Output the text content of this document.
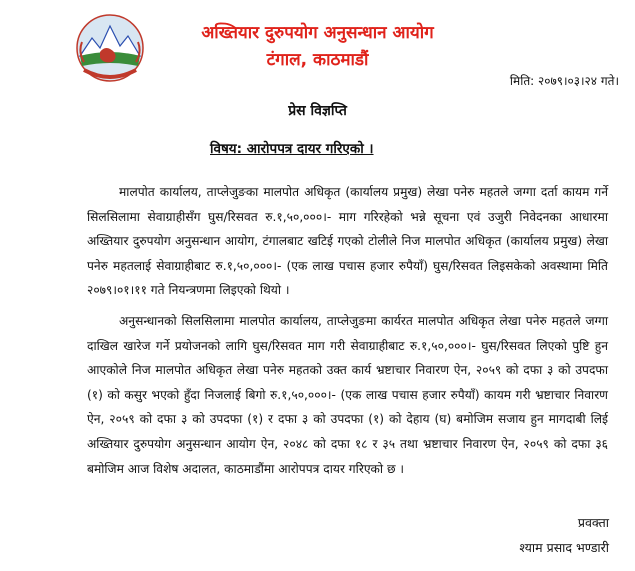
अख्तियार दुरुपयोग अनुसन्धान आयोग
टंगाल, काठमाडौं
मिति: २०७९।०३।२४ गते।
प्रेस विज्ञप्ति
विषय: आरोपपत्र दायर गरिएको ।

मालपोत कार्यालय, ताप्लेजुङका मालपोत अधिकृत (कार्यालय प्रमुख) लेखा पनेरु महतले जग्गा दर्ता कायम गर्ने सिलसिलामा सेवाग्राहीसँग घुस/रिसवत रु.१,५०,०००।- माग गरिरहेको भन्ने सूचना एवं उजुरी निवेदनका आधारमा अख्तियार दुरुपयोग अनुसन्धान आयोग, टंगालबाट खटिई गएको टोलीले निज मालपोत अधिकृत (कार्यालय प्रमुख) लेखा पनेरु महतलाई सेवाग्राहीबाट रु.१,५०,०००।- (एक लाख पचास हजार रुपैयाँ) घुस/रिसवत लिइसकेको अवस्थामा मिति २०७९।०१।११ गते नियन्त्रणमा लिइएको थियो ।

अनुसन्धानको सिलसिलामा मालपोत कार्यालय, ताप्लेजुङमा कार्यरत मालपोत अधिकृत लेखा पनेरु महतले जग्गा दाखिल खारेज गर्ने प्रयोजनको लागि घुस/रिसवत माग गरी सेवाग्राहीबाट रु.१,५०,०००।- घुस/रिसवत लिएको पुष्टि हुन आएकोले निज मालपोत अधिकृत लेखा पनेरु महतको उक्त कार्य भ्रष्टाचार निवारण ऐन, २०५९ को दफा ३ को उपदफा (१) को कसुर भएको हुँदा निजलाई बिगो रु.१,५०,०००।- (एक लाख पचास हजार रुपैयाँ) कायम गरी भ्रष्टाचार निवारण ऐन, २०५९ को दफा ३ को उपदफा (१) र दफा ३ को उपदफा (१) को देहाय (घ) बमोजिम सजाय हुन मागदाबी लिई अख्तियार दुरुपयोग अनुसन्धान आयोग ऐन, २०४८ को दफा १८ र ३५ तथा भ्रष्टाचार निवारण ऐन, २०५९ को दफा ३६ बमोजिम आज विशेष अदालत, काठमाडौंमा आरोपपत्र दायर गरिएको छ ।

प्रवक्ता
श्याम प्रसाद भण्डारी
